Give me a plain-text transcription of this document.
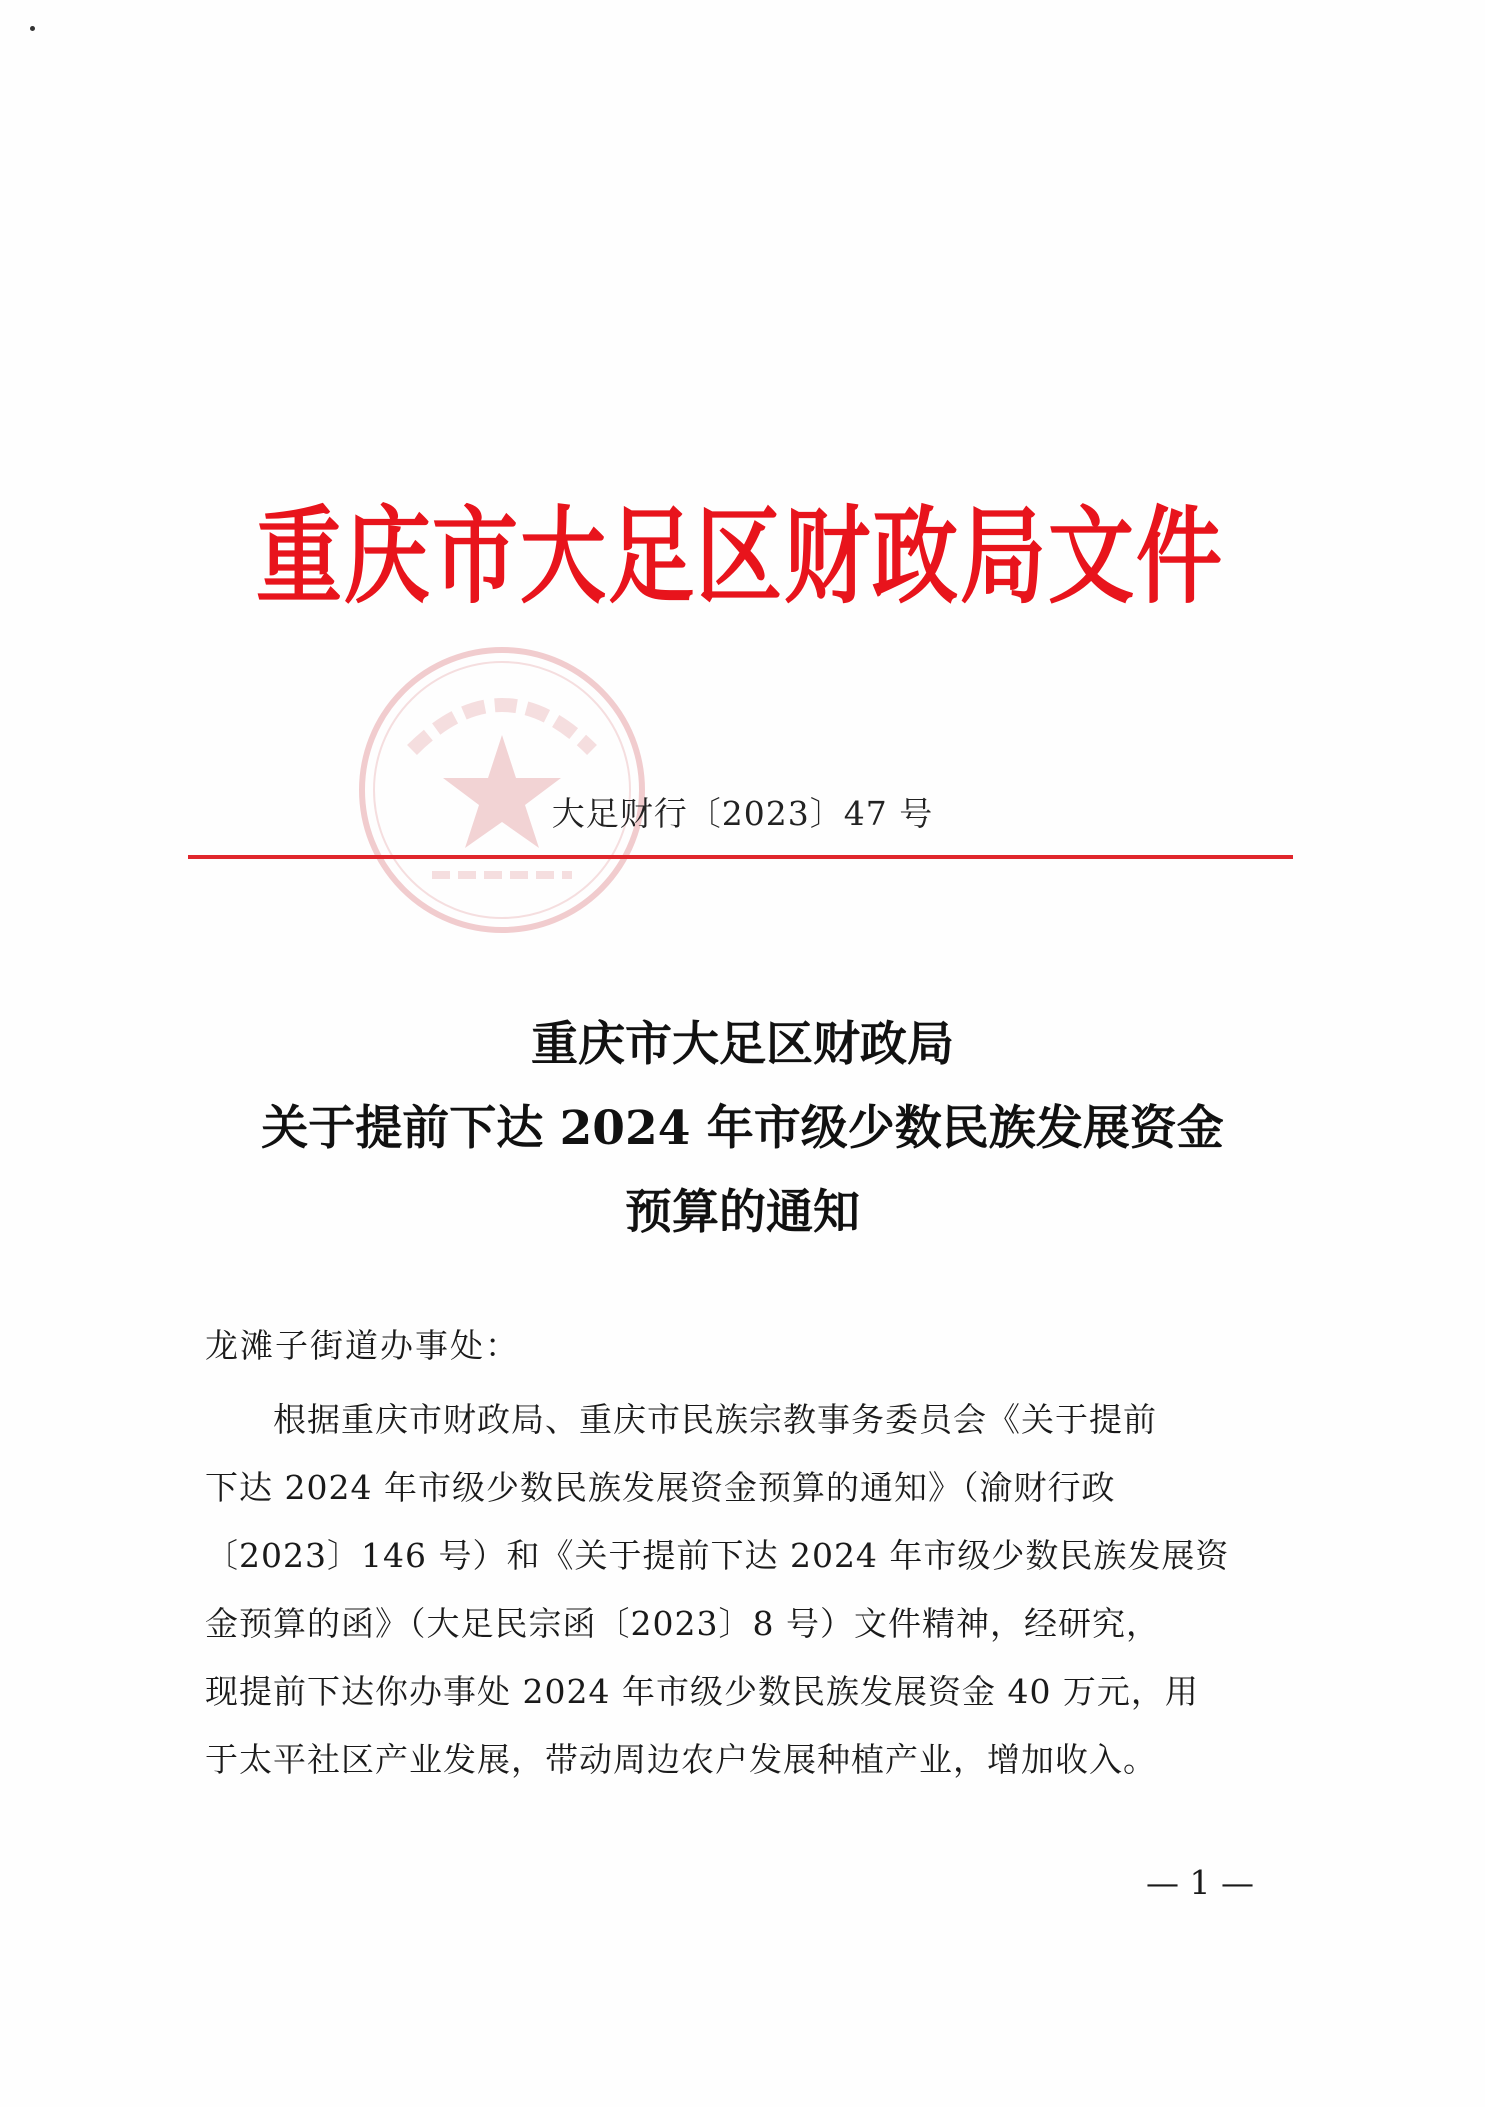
重庆市大足区财政局文件
大足财行〔2023〕47 号
重庆市大足区财政局
关于提前下达 2024 年市级少数民族发展资金
预算的通知
龙滩子街道办事处：
　　根据重庆市财政局、重庆市民族宗教事务委员会《关于提前
下达 2024 年市级少数民族发展资金预算的通知》（渝财行政
〔2023〕146 号）和《关于提前下达 2024 年市级少数民族发展资
金预算的函》（大足民宗函〔2023〕8 号）文件精神，经研究，
现提前下达你办事处 2024 年市级少数民族发展资金 40 万元，用
于太平社区产业发展，带动周边农户发展种植产业，增加收入。
— 1 —
